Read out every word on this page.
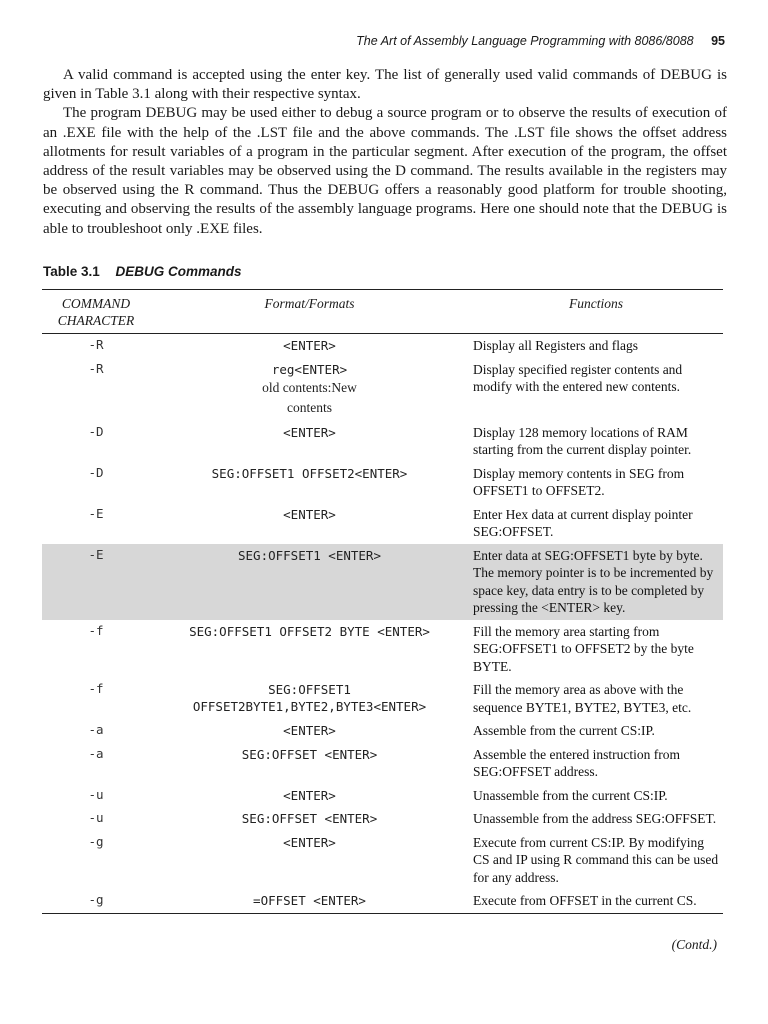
The Art of Assembly Language Programming with 8086/8088 95

A valid command is accepted using the enter key. The list of generally used valid commands of DEBUG is given in Table 3.1 along with their respective syntax.

The program DEBUG may be used either to debug a source program or to observe the results of execution of an .EXE file with the help of the .LST file and the above commands. The .LST file shows the offset address allotments for result variables of a program in the particular segment. After execution of the program, the offset address of the result variables may be observed using the D command. The results available in the registers may be observed using the R command. Thus the DEBUG offers a reasonably good platform for trouble shooting, executing and observing the results of the assembly language programs. Here one should note that the DEBUG is able to troubleshoot only .EXE files.

Table 3.1 DEBUG Commands
COMMAND
CHARACTER	Format/Formats	Functions
-R	<ENTER>	Display all Registers and flags
-R	reg<ENTER>
old contents:New
contents	Display specified register contents and modify with the entered new contents.
-D	<ENTER>	Display 128 memory locations of RAM starting from the current display pointer.
-D	SEG:OFFSET1 OFFSET2<ENTER>	Display memory contents in SEG from OFFSET1 to OFFSET2.
-E	<ENTER>	Enter Hex data at current display pointer SEG:OFFSET.
-E	SEG:OFFSET1 <ENTER>	Enter data at SEG:OFFSET1 byte by byte. The memory pointer is to be incremented by space key, data entry is to be completed by pressing the <ENTER> key.
-f	SEG:OFFSET1 OFFSET2 BYTE <ENTER>	Fill the memory area starting from SEG:OFFSET1 to OFFSET2 by the byte BYTE.
-f	SEG:OFFSET1
OFFSET2BYTE1,BYTE2,BYTE3<ENTER>	Fill the memory area as above with the sequence BYTE1, BYTE2, BYTE3, etc.
-a	<ENTER>	Assemble from the current CS:IP.
-a	SEG:OFFSET <ENTER>	Assemble the entered instruction from SEG:OFFSET address.
-u	<ENTER>	Unassemble from the current CS:IP.
-u	SEG:OFFSET <ENTER>	Unassemble from the address SEG:OFFSET.
-g	<ENTER>	Execute from current CS:IP. By modifying CS and IP using R command this can be used for any address.
-g	=OFFSET <ENTER>	Execute from OFFSET in the current CS.
(Contd.)
